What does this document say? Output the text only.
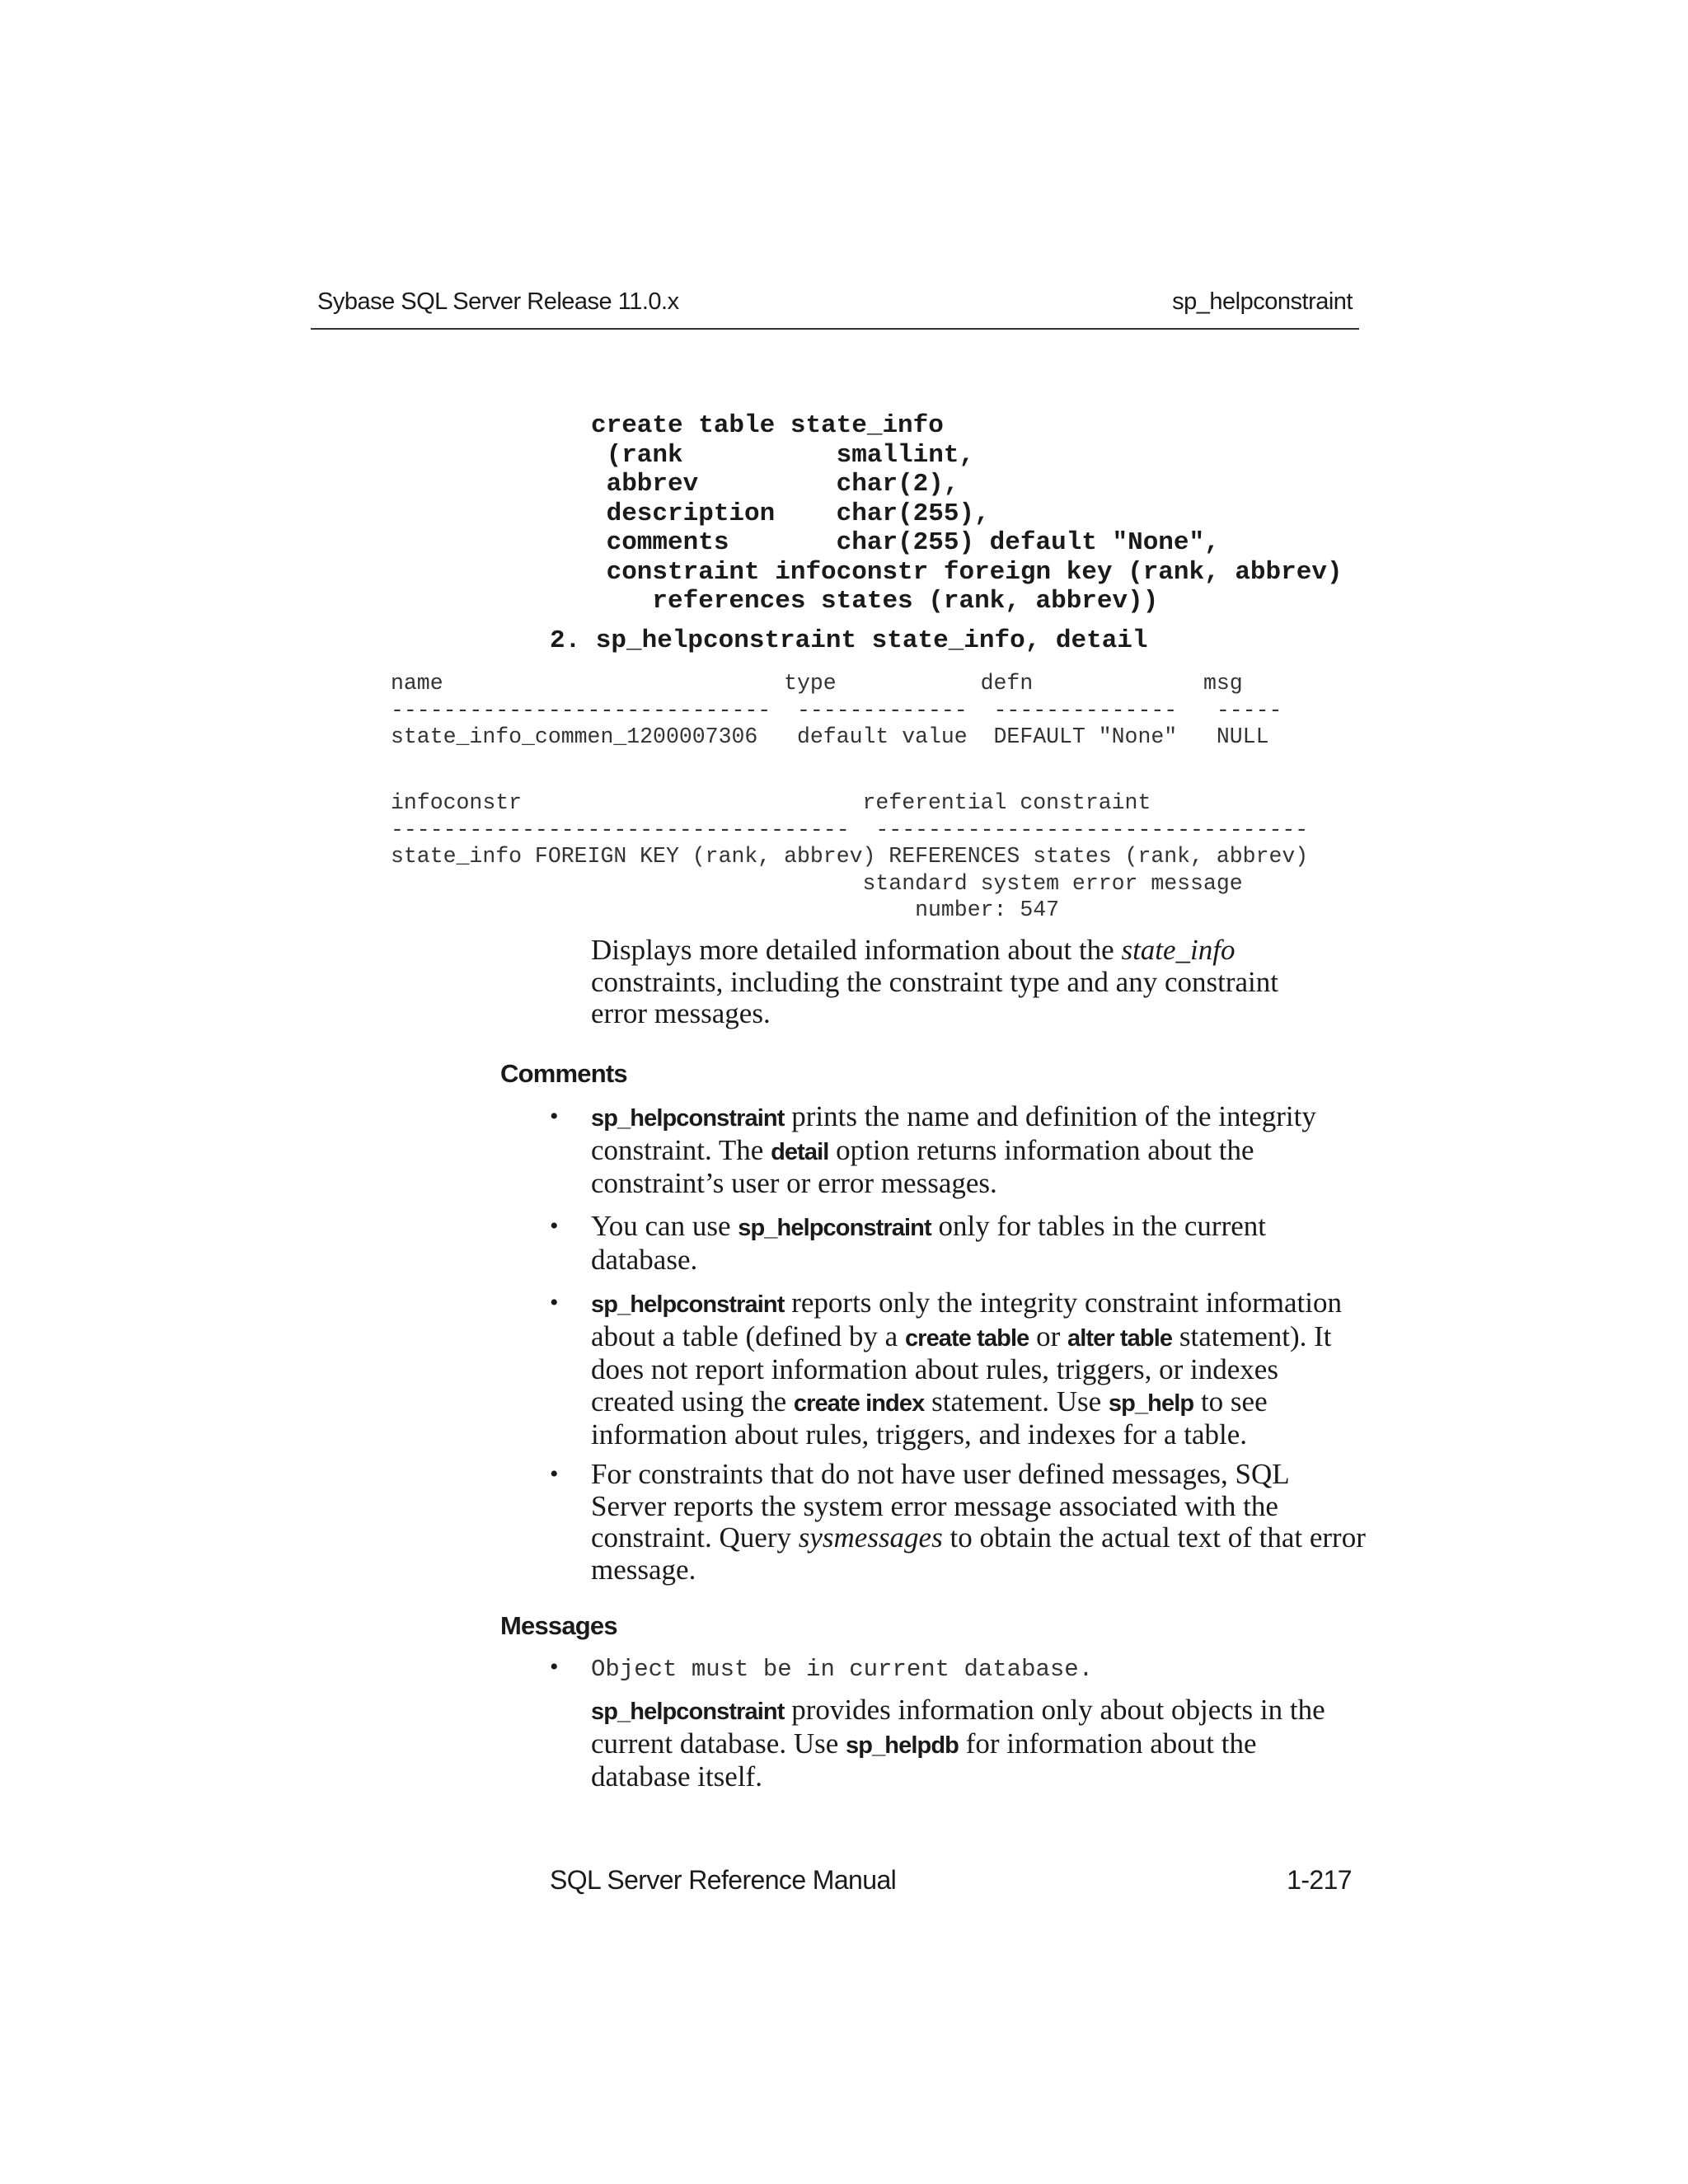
Sybase SQL Server Release 11.0.x	sp_helpconstraint
create table state_info
(rank          smallint,
abbrev         char(2),
description    char(255),
comments       char(255) default "None",
constraint infoconstr foreign key (rank, abbrev)
references states (rank, abbrev))
2. sp_helpconstraint state_info, detail
name                          type           defn             msg
-----------------------------  -------------  --------------   -----
state_info_commen_1200007306   default value  DEFAULT "None"   NULL
infoconstr                          referential constraint
-----------------------------------  ---------------------------------
state_info FOREIGN KEY (rank, abbrev) REFERENCES states (rank, abbrev)
standard system error message
number: 547

Displays more detailed information about the state_info

constraints, including the constraint type and any constraint

error messages.

Comments
• sp_helpconstraint prints the name and definition of the integrity

constraint. The detail option returns information about the

constraint’s user or error messages.

• You can use sp_helpconstraint only for tables in the current

database.

• sp_helpconstraint reports only the integrity constraint information

about a table (defined by a create table or alter table statement). It

does not report information about rules, triggers, or indexes

created using the create index statement. Use sp_help to see

information about rules, triggers, and indexes for a table.

• For constraints that do not have user defined messages, SQL

Server reports the system error message associated with the

constraint. Query sysmessages to obtain the actual text of that error

message.

Messages
• Object must be in current database.

sp_helpconstraint provides information only about objects in the

current database. Use sp_helpdb for information about the

database itself.

SQL Server Reference Manual	1-217
